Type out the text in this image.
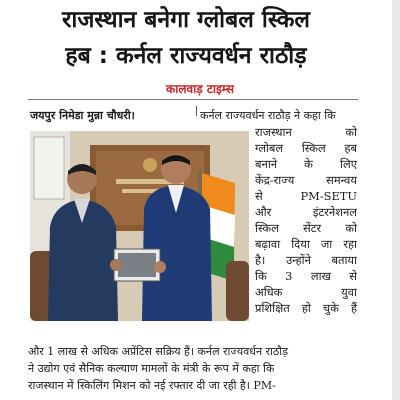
राजस्थान बनेगा ग्लोबल स्किल
हब : कर्नल राज्यवर्धन राठौड़
कालवाड़ टाइम्स
जयपुर निमेडा मुन्ना चौधरी।	कर्नल राज्यवर्धन राठौड़ ने कहा कि
राजस्थान को
ग्लोबल स्किल हब
बनाने के लिए
केंद्र-राज्य समन्वय
से PM-SETU
और इंटरनेशनल
स्किल सेंटर को
बढ़ावा दिया जा रहा
है। उन्होंने बताया
कि 3 लाख से
अधिक युवा
प्रशिक्षित हो चुके हैं
और 1 लाख से अधिक अप्रेंटिस सक्रिय हैं। कर्नल राज्यवर्धन राठौड़
ने उद्योग एवं सैनिक कल्याण मामलों के मंत्री के रूप में कहा कि
राजस्थान में स्किलिंग मिशन को नई रफ्तार दी जा रही है। PM-
